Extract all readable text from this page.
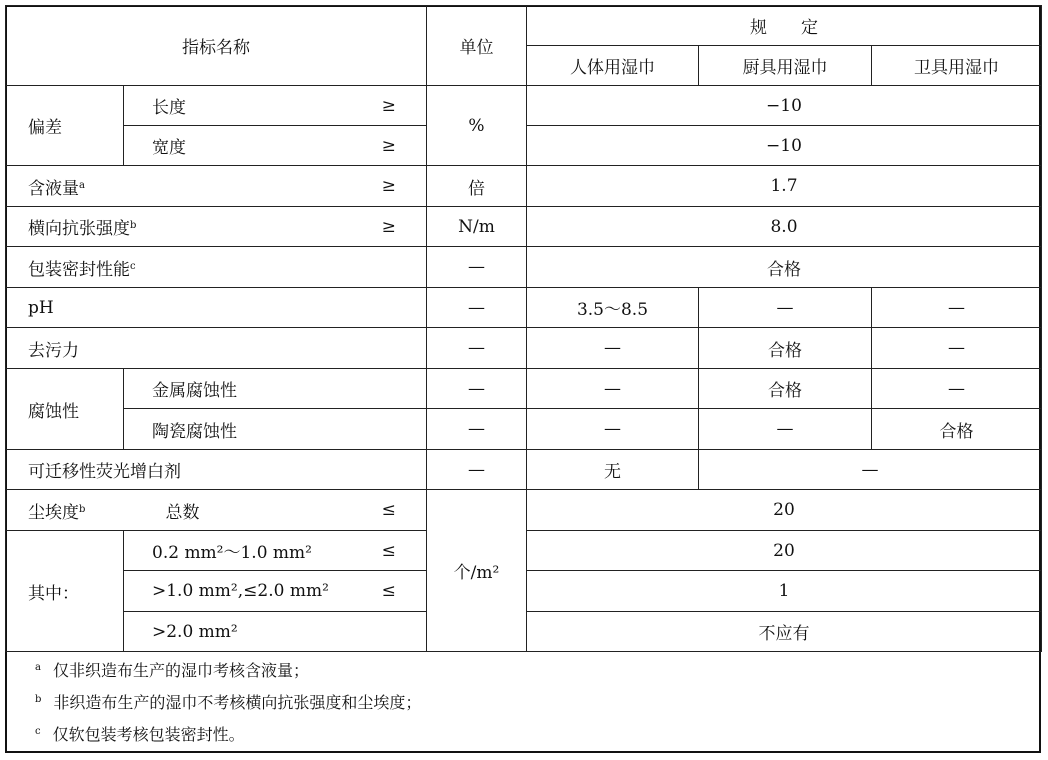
指标名称			单位	规　　定		
				人体用湿巾	厨具用湿巾	卫具用湿巾
偏差	长度	≥	%	−10		
	宽度	≥		−10		
含液量$^a$		≥	倍	1.7		
横向抗张强度$^b$		≥	N/m	8.0		
包装密封性能$^c$			—	合格		
pH			—	3.5～8.5	—	—
去污力			—	—	合格	—
腐蚀性	金属腐蚀性		—	—	合格	—
	陶瓷腐蚀性		—	—	—	合格
可迁移性荧光增白剂			—	无	—	
尘埃度$^b$	总数	≤	个/m²	20		
其中：	0.2 mm²～1.0 mm²	≤		20		
	>1.0 mm²,≤2.0 mm²	≤		1		
	>2.0 mm²			不应有		
$^a$ 仅非织造布生产的湿巾考核含液量；
$^b$ 非织造布生产的湿巾不考核横向抗张强度和尘埃度；
$^c$ 仅软包装考核包装密封性。
